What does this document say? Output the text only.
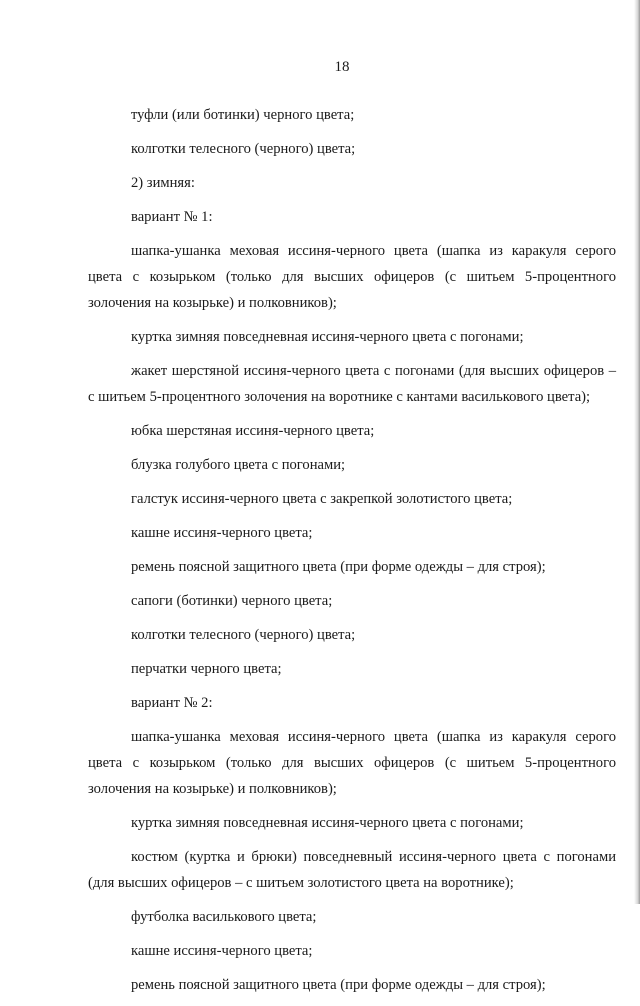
18

туфли (или ботинки) черного цвета;

колготки телесного (черного) цвета;

2) зимняя:

вариант № 1:

шапка-ушанка меховая иссиня-черного цвета (шапка из каракуля серого цвета с козырьком (только для высших офицеров (с шитьем 5-процентного золочения на козырьке) и полковников);

куртка зимняя повседневная иссиня-черного цвета с погонами;

жакет шерстяной иссиня-черного цвета с погонами (для высших офицеров – с шитьем 5-процентного золочения на воротнике с кантами василькового цвета);

юбка шерстяная иссиня-черного цвета;

блузка голубого цвета с погонами;

галстук иссиня-черного цвета с закрепкой золотистого цвета;

кашне иссиня-черного цвета;

ремень поясной защитного цвета (при форме одежды – для строя);

сапоги (ботинки) черного цвета;

колготки телесного (черного) цвета;

перчатки черного цвета;

вариант № 2:

шапка-ушанка меховая иссиня-черного цвета (шапка из каракуля серого цвета с козырьком (только для высших офицеров (с шитьем 5-процентного золочения на козырьке) и полковников);

куртка зимняя повседневная иссиня-черного цвета с погонами;

костюм (куртка и брюки) повседневный иссиня-черного цвета с погонами (для высших офицеров – с шитьем золотистого цвета на воротнике);

футболка василькового цвета;

кашне иссиня-черного цвета;

ремень поясной защитного цвета (при форме одежды – для строя);
